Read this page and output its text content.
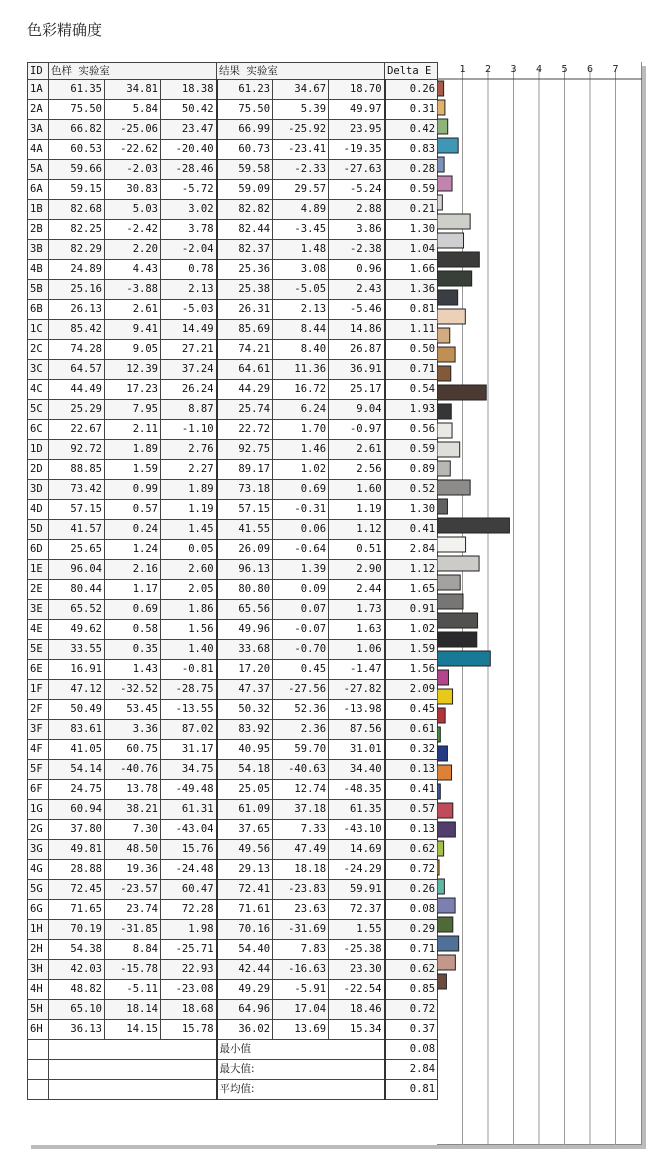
色彩精确度
ID	色样 实验室			结果 实验室			Delta E
1A	61.35	34.81	18.38	61.23	34.67	18.70	0.26
2A	75.50	5.84	50.42	75.50	5.39	49.97	0.31
3A	66.82	-25.06	23.47	66.99	-25.92	23.95	0.42
4A	60.53	-22.62	-20.40	60.73	-23.41	-19.35	0.83
5A	59.66	-2.03	-28.46	59.58	-2.33	-27.63	0.28
6A	59.15	30.83	-5.72	59.09	29.57	-5.24	0.59
1B	82.68	5.03	3.02	82.82	4.89	2.88	0.21
2B	82.25	-2.42	3.78	82.44	-3.45	3.86	1.30
3B	82.29	2.20	-2.04	82.37	1.48	-2.38	1.04
4B	24.89	4.43	0.78	25.36	3.08	0.96	1.66
5B	25.16	-3.88	2.13	25.38	-5.05	2.43	1.36
6B	26.13	2.61	-5.03	26.31	2.13	-5.46	0.81
1C	85.42	9.41	14.49	85.69	8.44	14.86	1.11
2C	74.28	9.05	27.21	74.21	8.40	26.87	0.50
3C	64.57	12.39	37.24	64.61	11.36	36.91	0.71
4C	44.49	17.23	26.24	44.29	16.72	25.17	0.54
5C	25.29	7.95	8.87	25.74	6.24	9.04	1.93
6C	22.67	2.11	-1.10	22.72	1.70	-0.97	0.56
1D	92.72	1.89	2.76	92.75	1.46	2.61	0.59
2D	88.85	1.59	2.27	89.17	1.02	2.56	0.89
3D	73.42	0.99	1.89	73.18	0.69	1.60	0.52
4D	57.15	0.57	1.19	57.15	-0.31	1.19	1.30
5D	41.57	0.24	1.45	41.55	0.06	1.12	0.41
6D	25.65	1.24	0.05	26.09	-0.64	0.51	2.84
1E	96.04	2.16	2.60	96.13	1.39	2.90	1.12
2E	80.44	1.17	2.05	80.80	0.09	2.44	1.65
3E	65.52	0.69	1.86	65.56	0.07	1.73	0.91
4E	49.62	0.58	1.56	49.96	-0.07	1.63	1.02
5E	33.55	0.35	1.40	33.68	-0.70	1.06	1.59
6E	16.91	1.43	-0.81	17.20	0.45	-1.47	1.56
1F	47.12	-32.52	-28.75	47.37	-27.56	-27.82	2.09
2F	50.49	53.45	-13.55	50.32	52.36	-13.98	0.45
3F	83.61	3.36	87.02	83.92	2.36	87.56	0.61
4F	41.05	60.75	31.17	40.95	59.70	31.01	0.32
5F	54.14	-40.76	34.75	54.18	-40.63	34.40	0.13
6F	24.75	13.78	-49.48	25.05	12.74	-48.35	0.41
1G	60.94	38.21	61.31	61.09	37.18	61.35	0.57
2G	37.80	7.30	-43.04	37.65	7.33	-43.10	0.13
3G	49.81	48.50	15.76	49.56	47.49	14.69	0.62
4G	28.88	19.36	-24.48	29.13	18.18	-24.29	0.72
5G	72.45	-23.57	60.47	72.41	-23.83	59.91	0.26
6G	71.65	23.74	72.28	71.61	23.63	72.37	0.08
1H	70.19	-31.85	1.98	70.16	-31.69	1.55	0.29
2H	54.38	8.84	-25.71	54.40	7.83	-25.38	0.71
3H	42.03	-15.78	22.93	42.44	-16.63	23.30	0.62
4H	48.82	-5.11	-23.08	49.29	-5.91	-22.54	0.85
5H	65.10	18.14	18.68	64.96	17.04	18.46	0.72
6H	36.13	14.15	15.78	36.02	13.69	15.34	0.37
				最小值			0.08
				最大值:			2.84
				平均值:			0.81
1 2 3 4 5 6 7
